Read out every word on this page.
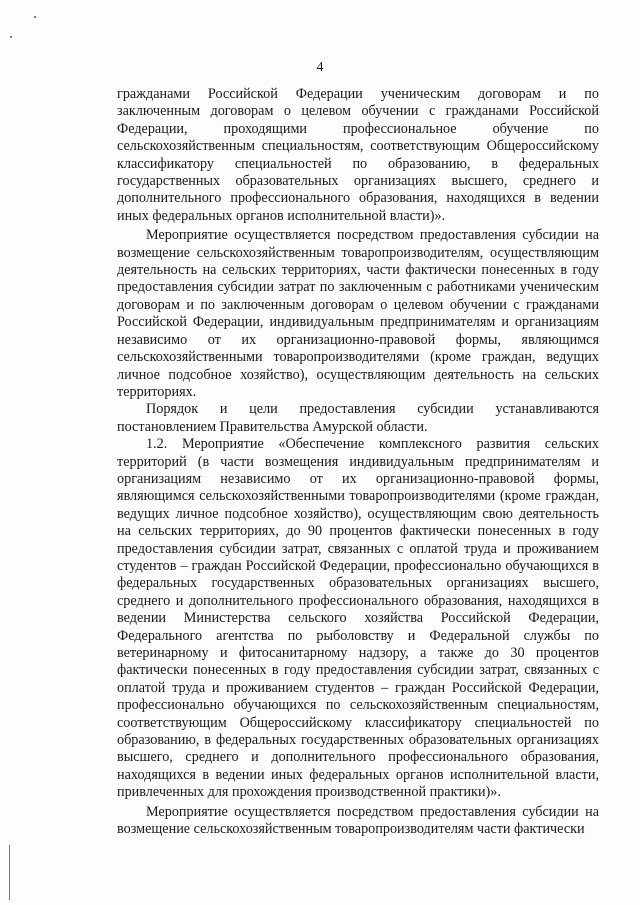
4

гражданами Российской Федерации ученическим договорам и по заключенным договорам о целевом обучении с гражданами Российской Федерации, проходящими профессиональное обучение по сельскохозяйственным специальностям, соответствующим Общероссийскому классификатору специальностей по образованию, в федеральных государственных образовательных организациях высшего, среднего и дополнительного профессионального образования, находящихся в ведении иных федеральных органов исполнительной власти)».

Мероприятие осуществляется посредством предоставления субсидии на возмещение сельскохозяйственным товаропроизводителям, осуществляющим деятельность на сельских территориях, части фактически понесенных в году предоставления субсидии затрат по заключенным с работниками ученическим договорам и по заключенным договорам о целевом обучении с гражданами Российской Федерации, индивидуальным предпринимателям и организациям независимо от их организационно-правовой формы, являющимся сельскохозяйственными товаропроизводителями (кроме граждан, ведущих личное подсобное хозяйство), осуществляющим деятельность на сельских территориях.

Порядок и цели предоставления субсидии устанавливаются постановлением Правительства Амурской области.

1.2. Мероприятие «Обеспечение комплексного развития сельских территорий (в части возмещения индивидуальным предпринимателям и организациям независимо от их организационно-правовой формы, являющимся сельскохозяйственными товаропроизводителями (кроме граждан, ведущих личное подсобное хозяйство), осуществляющим свою деятельность на сельских территориях, до 90 процентов фактически понесенных в году предоставления субсидии затрат, связанных с оплатой труда и проживанием студентов – граждан Российской Федерации, профессионально обучающихся в федеральных государственных образовательных организациях высшего, среднего и дополнительного профессионального образования, находящихся в ведении Министерства сельского хозяйства Российской Федерации, Федерального агентства по рыболовству и Федеральной службы по ветеринарному и фитосанитарному надзору, а также до 30 процентов фактически понесенных в году предоставления субсидии затрат, связанных с оплатой труда и проживанием студентов – граждан Российской Федерации, профессионально обучающихся по сельскохозяйственным специальностям, соответствующим Общероссийскому классификатору специальностей по образованию, в федеральных государственных образовательных организациях высшего, среднего и дополнительного профессионального образования, находящихся в ведении иных федеральных органов исполнительной власти, привлеченных для прохождения производственной практики)».

Мероприятие осуществляется посредством предоставления субсидии на возмещение сельскохозяйственным товаропроизводителям части фактически
